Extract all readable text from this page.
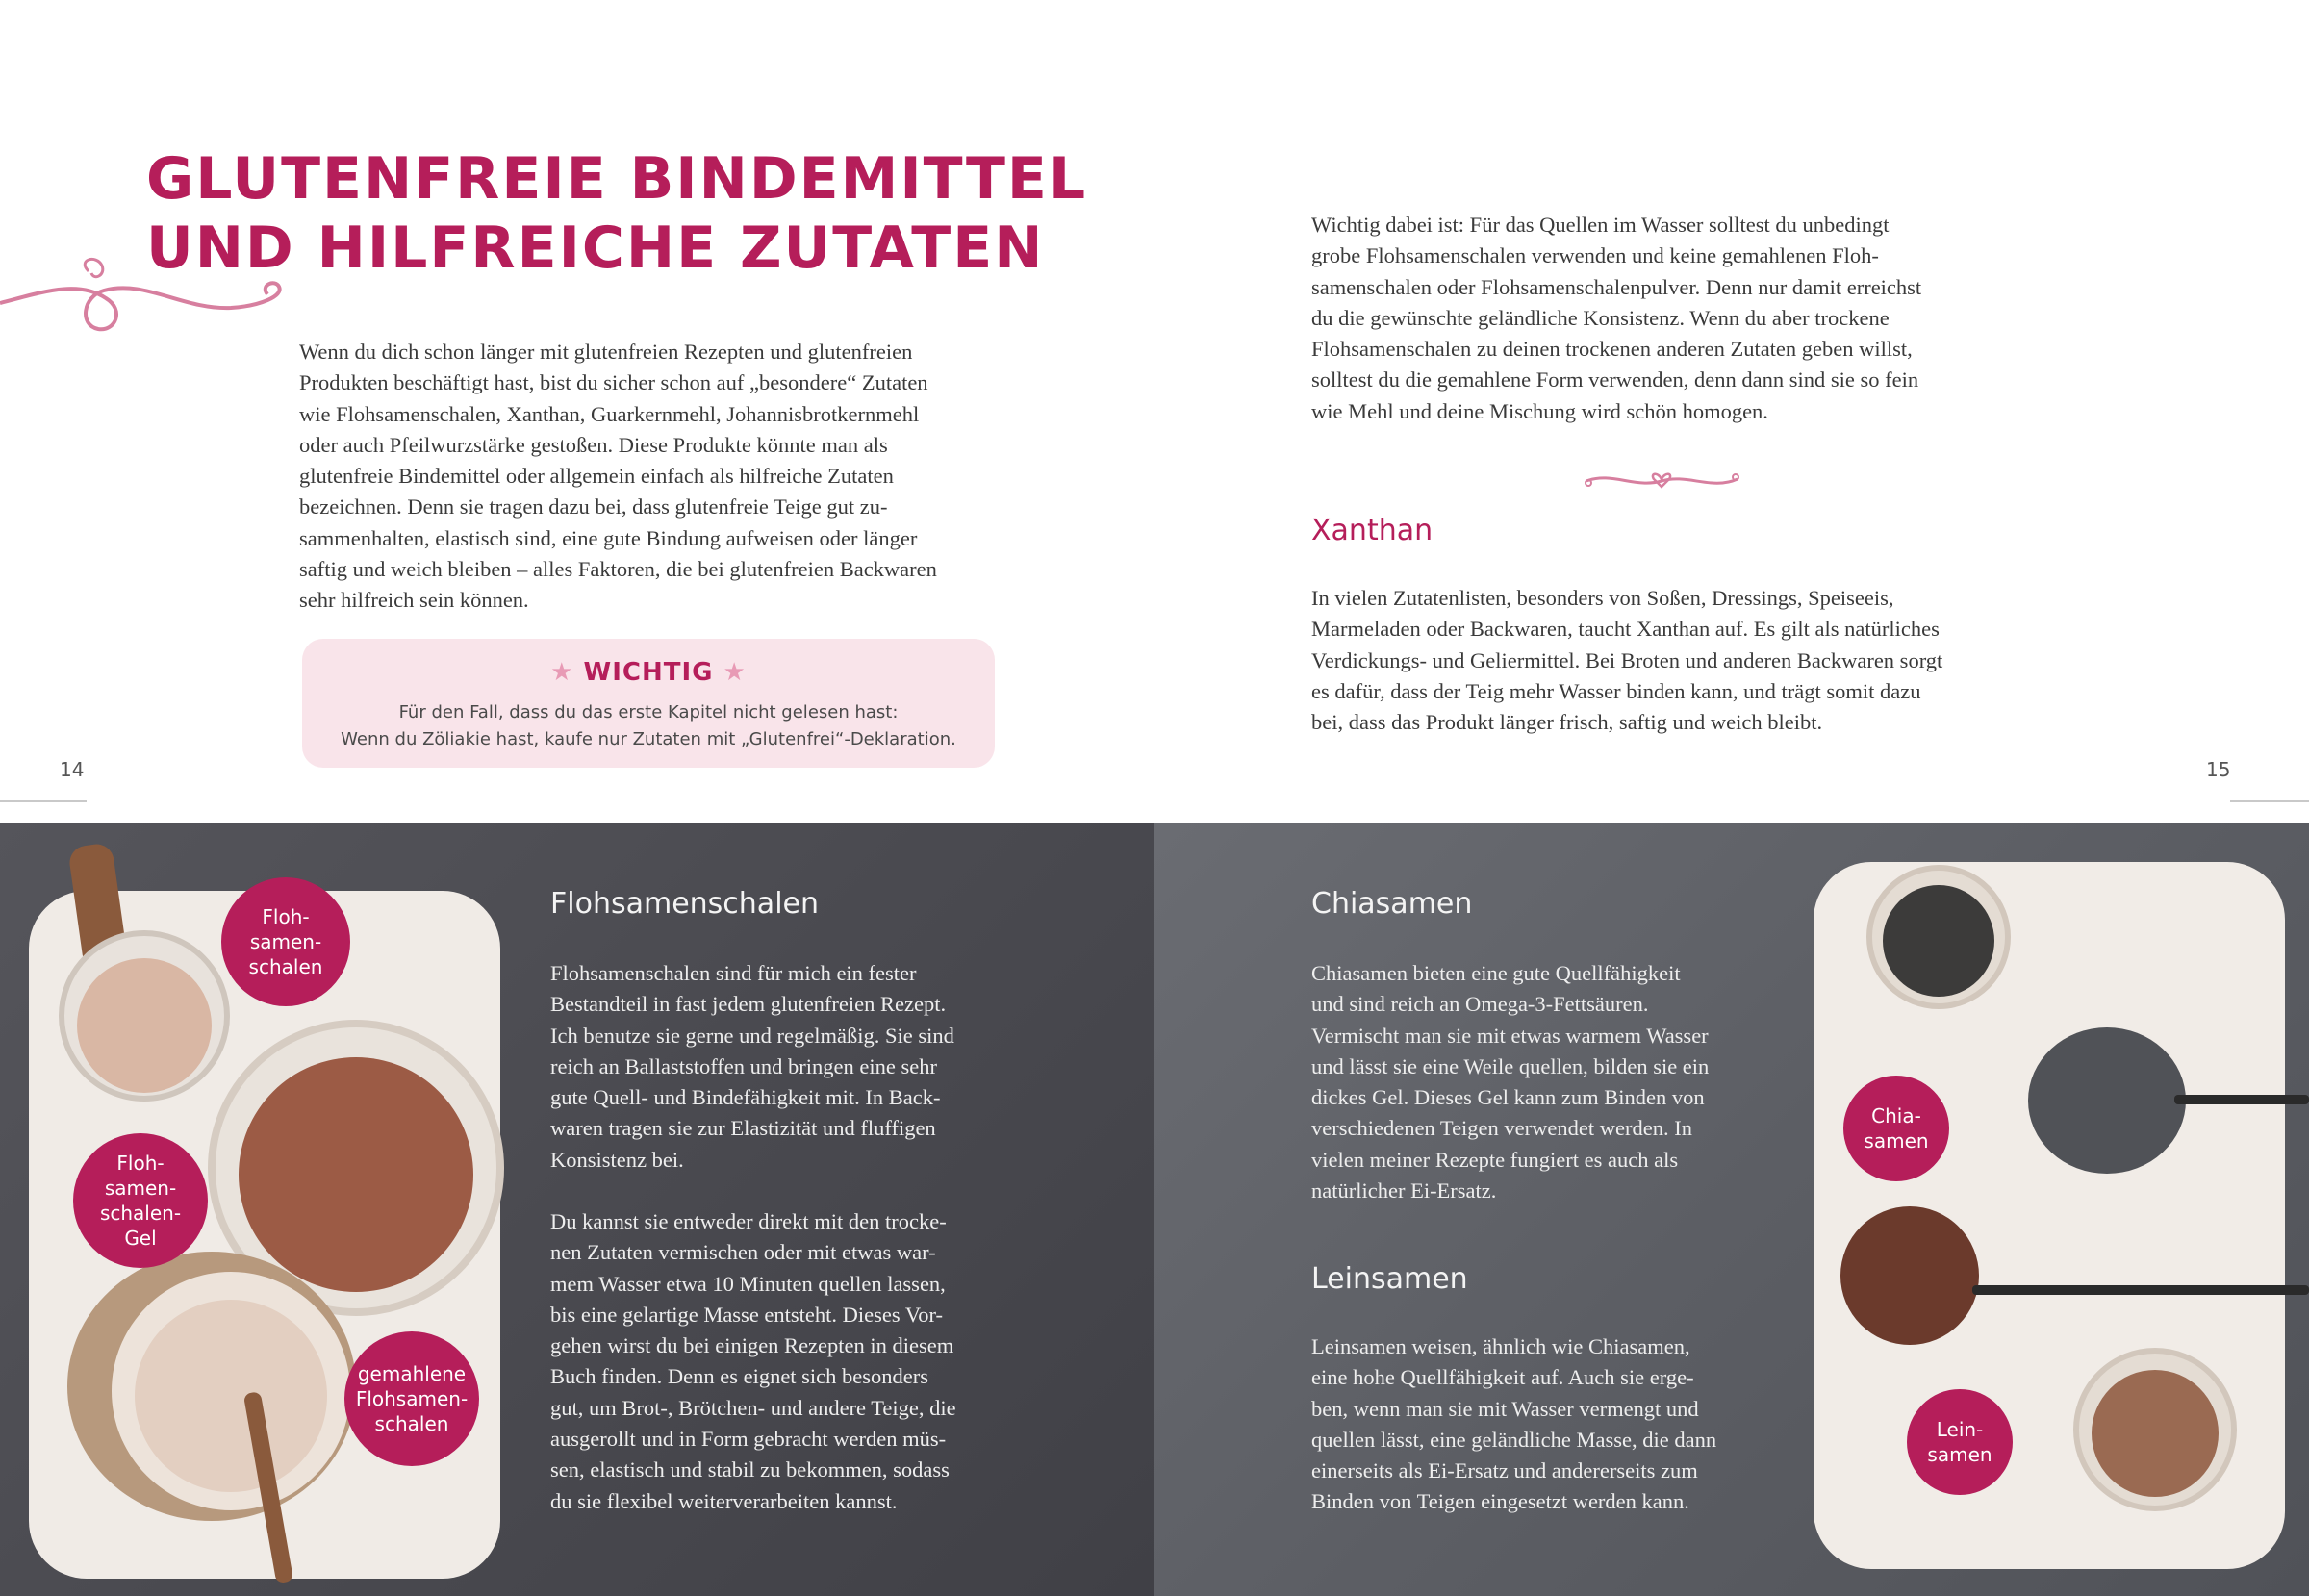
GLUTENFREIE BINDEMITTEL
UND HILFREICHE ZUTATEN
Wenn du dich schon länger mit glutenfreien Rezepten und glutenfreien
Produkten beschäftigt hast, bist du sicher schon auf „besondere“ Zutaten
wie Flohsamenschalen, Xanthan, Guarkernmehl, Johannisbrotkernmehl
oder auch Pfeilwurzstärke gestoßen. Diese Produkte könnte man als
glutenfreie Bindemittel oder allgemein einfach als hilfreiche Zutaten
bezeichnen. Denn sie tragen dazu bei, dass glutenfreie Teige gut zu-
sammenhalten, elastisch sind, eine gute Bindung aufweisen oder länger
saftig und weich bleiben – alles Faktoren, die bei glutenfreien Backwaren
sehr hilfreich sein können.
★ WICHTIG ★
Für den Fall, dass du das erste Kapitel nicht gelesen hast:
Wenn du Zöliakie hast, kaufe nur Zutaten mit „Glutenfrei“-Deklaration.
14
Wichtig dabei ist: Für das Quellen im Wasser solltest du unbedingt
grobe Flohsamenschalen verwenden und keine gemahlenen Floh-
samenschalen oder Flohsamenschalenpulver. Denn nur damit erreichst
du die gewünschte geländliche Konsistenz. Wenn du aber trockene
Flohsamenschalen zu deinen trockenen anderen Zutaten geben willst,
solltest du die gemahlene Form verwenden, denn dann sind sie so fein
wie Mehl und deine Mischung wird schön homogen.
Xanthan
In vielen Zutatenlisten, besonders von Soßen, Dressings, Speiseeis,
Marmeladen oder Backwaren, taucht Xanthan auf. Es gilt als natürliches
Verdickungs- und Geliermittel. Bei Broten und anderen Backwaren sorgt
es dafür, dass der Teig mehr Wasser binden kann, und trägt somit dazu
bei, dass das Produkt länger frisch, saftig und weich bleibt.
15
Floh-
samen-
schalen
Floh-
samen-
schalen-
Gel
gemahlene
Flohsamen-
schalen
Flohsamenschalen
Flohsamenschalen sind für mich ein fester
Bestandteil in fast jedem glutenfreien Rezept.
Ich benutze sie gerne und regelmäßig. Sie sind
reich an Ballaststoffen und bringen eine sehr
gute Quell- und Bindefähigkeit mit. In Back-
waren tragen sie zur Elastizität und fluffigen
Konsistenz bei.
Du kannst sie entweder direkt mit den trocke-
nen Zutaten vermischen oder mit etwas war-
mem Wasser etwa 10 Minuten quellen lassen,
bis eine gelartige Masse entsteht. Dieses Vor-
gehen wirst du bei einigen Rezepten in diesem
Buch finden. Denn es eignet sich besonders
gut, um Brot-, Brötchen- und andere Teige, die
ausgerollt und in Form gebracht werden müs-
sen, elastisch und stabil zu bekommen, sodass
du sie flexibel weiterverarbeiten kannst.
Chia-
samen
Lein-
samen
Chiasamen
Chiasamen bieten eine gute Quellfähigkeit
und sind reich an Omega-3-Fettsäuren.
Vermischt man sie mit etwas warmem Wasser
und lässt sie eine Weile quellen, bilden sie ein
dickes Gel. Dieses Gel kann zum Binden von
verschiedenen Teigen verwendet werden. In
vielen meiner Rezepte fungiert es auch als
natürlicher Ei-Ersatz.
Leinsamen
Leinsamen weisen, ähnlich wie Chiasamen,
eine hohe Quellfähigkeit auf. Auch sie erge-
ben, wenn man sie mit Wasser vermengt und
quellen lässt, eine geländliche Masse, die dann
einerseits als Ei-Ersatz und andererseits zum
Binden von Teigen eingesetzt werden kann.
